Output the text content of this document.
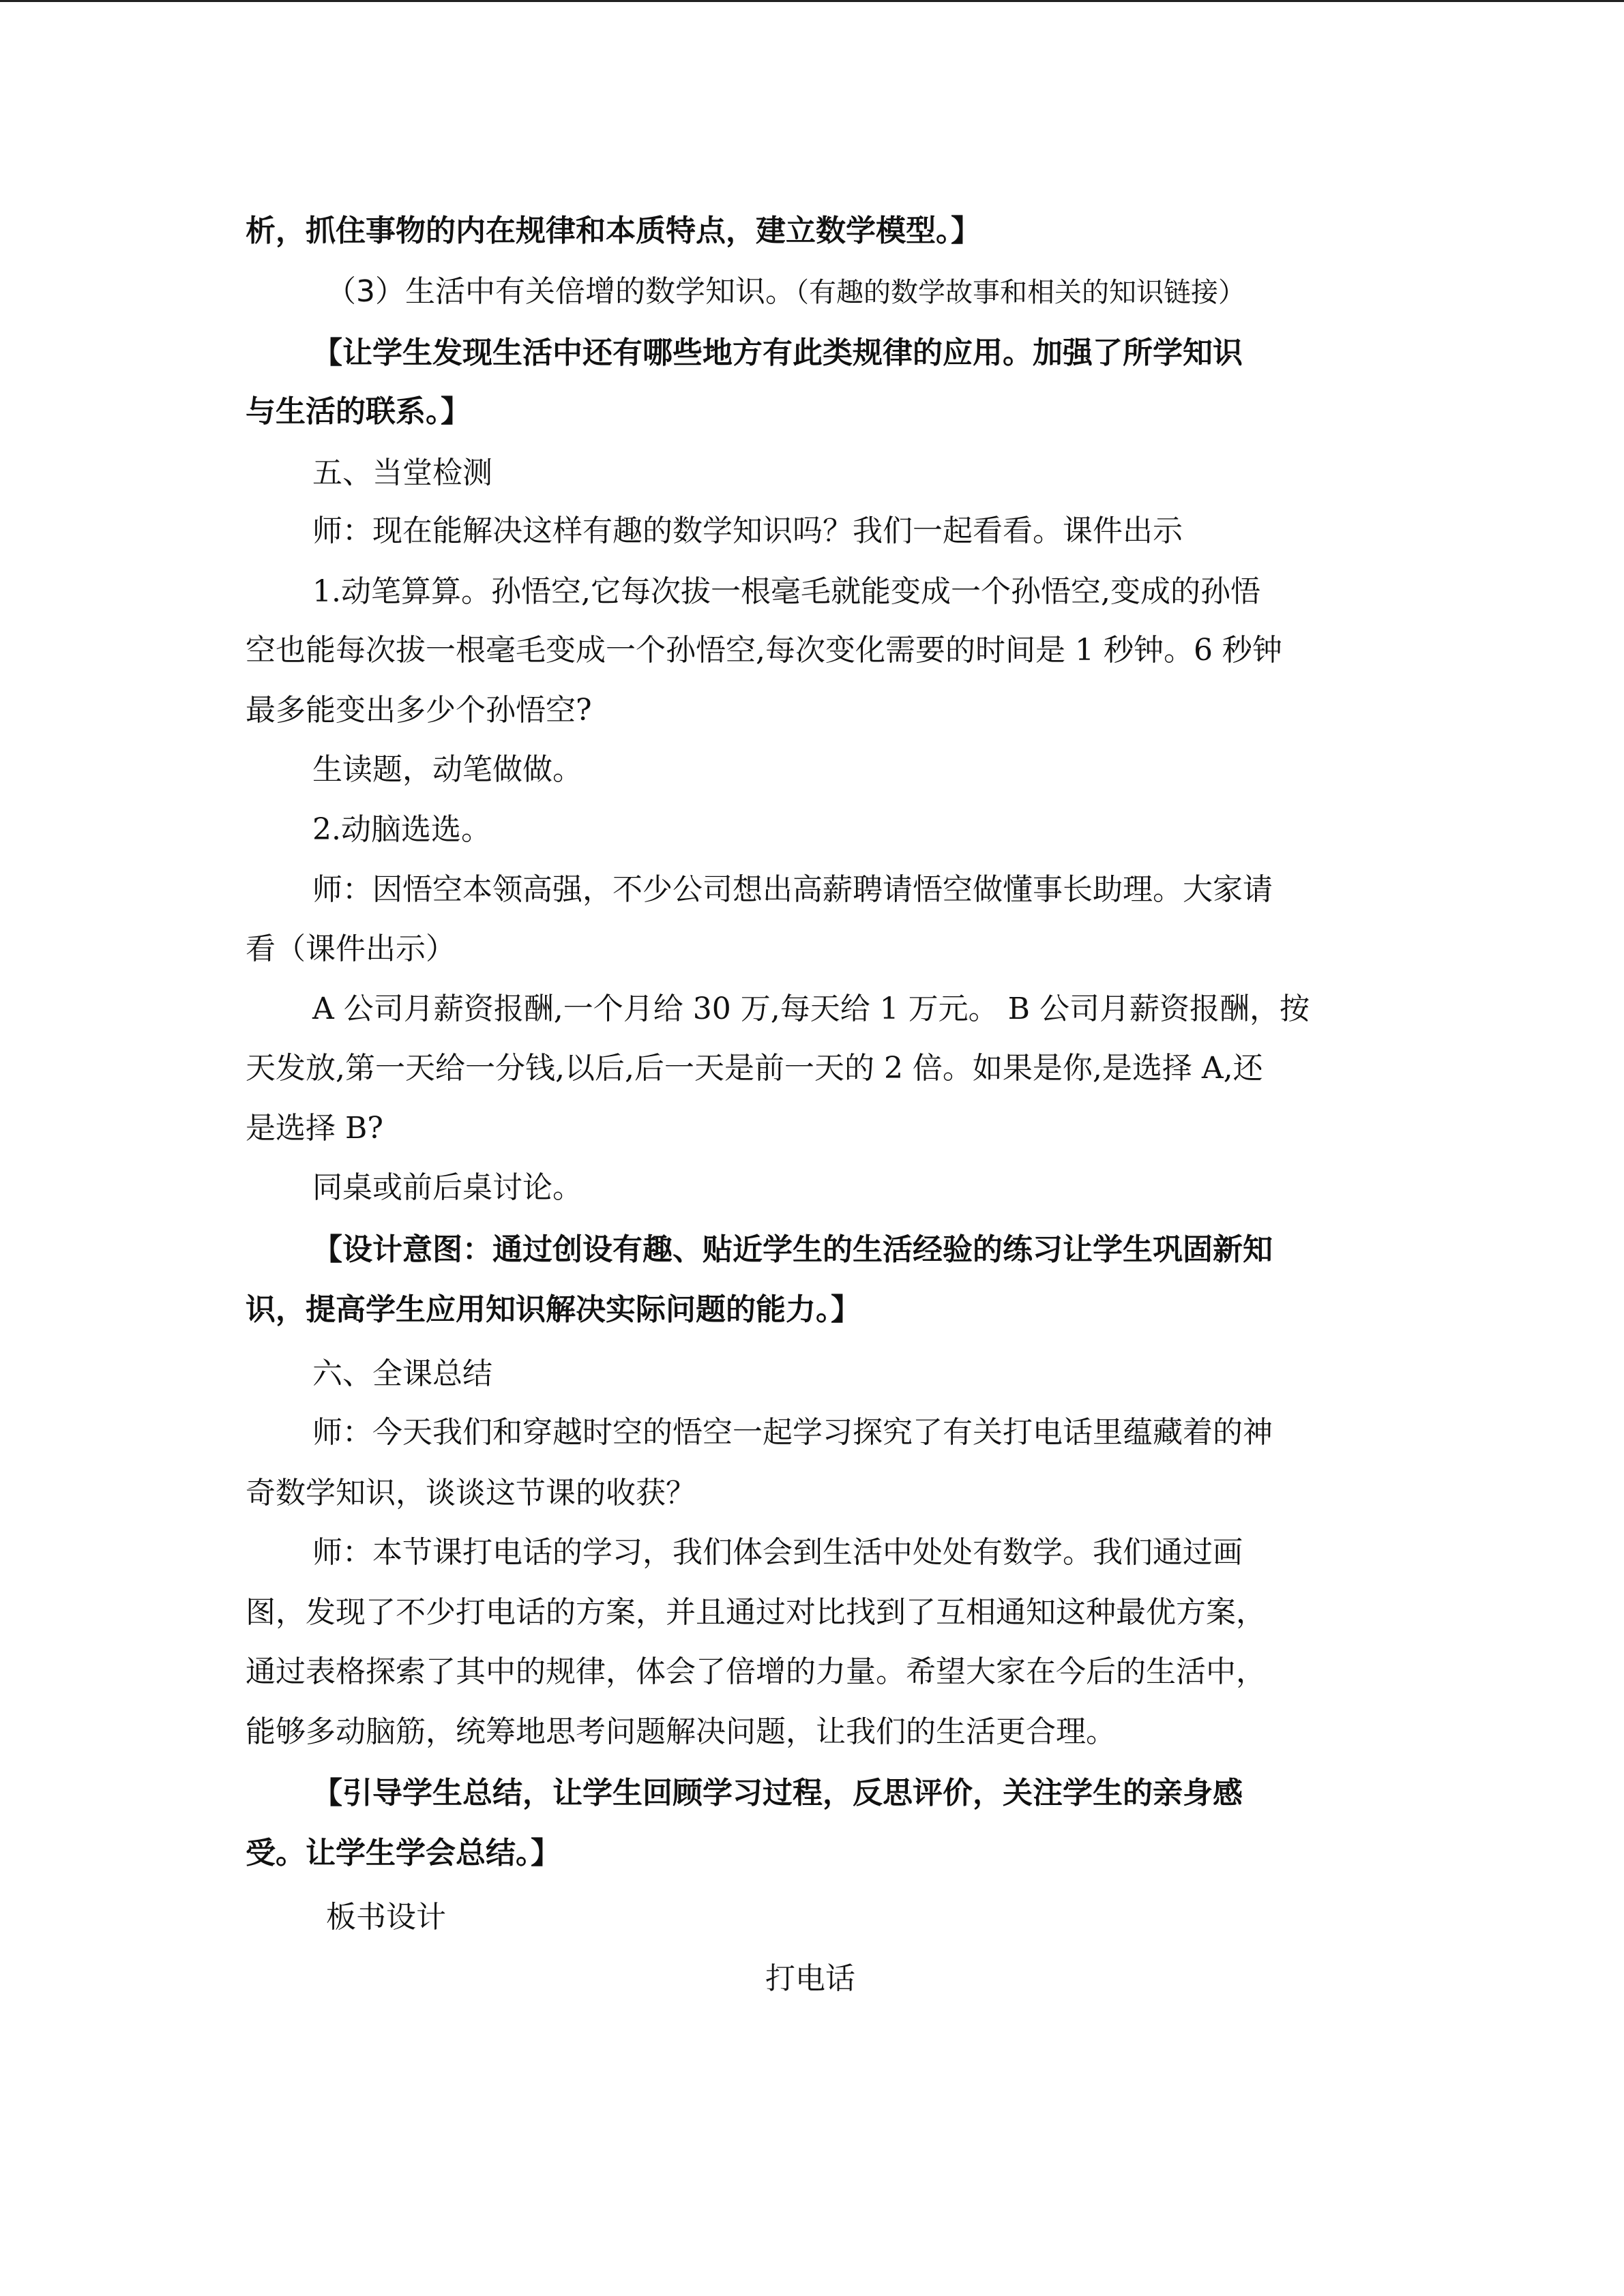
析，抓住事物的内在规律和本质特点，建立数学模型。】
（3）生活中有关倍增的数学知识。（有趣的数学故事和相关的知识链接）
【让学生发现生活中还有哪些地方有此类规律的应用。加强了所学知识
与生活的联系。】
五、当堂检测
师：现在能解决这样有趣的数学知识吗？我们一起看看。课件出示
1.动笔算算。孙悟空,它每次拔一根毫毛就能变成一个孙悟空,变成的孙悟
空也能每次拔一根毫毛变成一个孙悟空,每次变化需要的时间是 1 秒钟。6 秒钟
最多能变出多少个孙悟空?
生读题，动笔做做。
2.动脑选选。
师：因悟空本领高强，不少公司想出高薪聘请悟空做懂事长助理。大家请
看（课件出示）
A 公司月薪资报酬,一个月给 30 万,每天给 1 万元。 B 公司月薪资报酬，按
天发放,第一天给一分钱,以后,后一天是前一天的 2 倍。如果是你,是选择 A,还
是选择 B?
同桌或前后桌讨论。
【设计意图：通过创设有趣、贴近学生的生活经验的练习让学生巩固新知
识，提高学生应用知识解决实际问题的能力。】
六、全课总结
师：今天我们和穿越时空的悟空一起学习探究了有关打电话里蕴藏着的神
奇数学知识，谈谈这节课的收获？
师：本节课打电话的学习，我们体会到生活中处处有数学。我们通过画
图，发现了不少打电话的方案，并且通过对比找到了互相通知这种最优方案，
通过表格探索了其中的规律，体会了倍增的力量。希望大家在今后的生活中，
能够多动脑筋，统筹地思考问题解决问题，让我们的生活更合理。
【引导学生总结，让学生回顾学习过程，反思评价，关注学生的亲身感
受。让学生学会总结。】
板书设计
打电话
